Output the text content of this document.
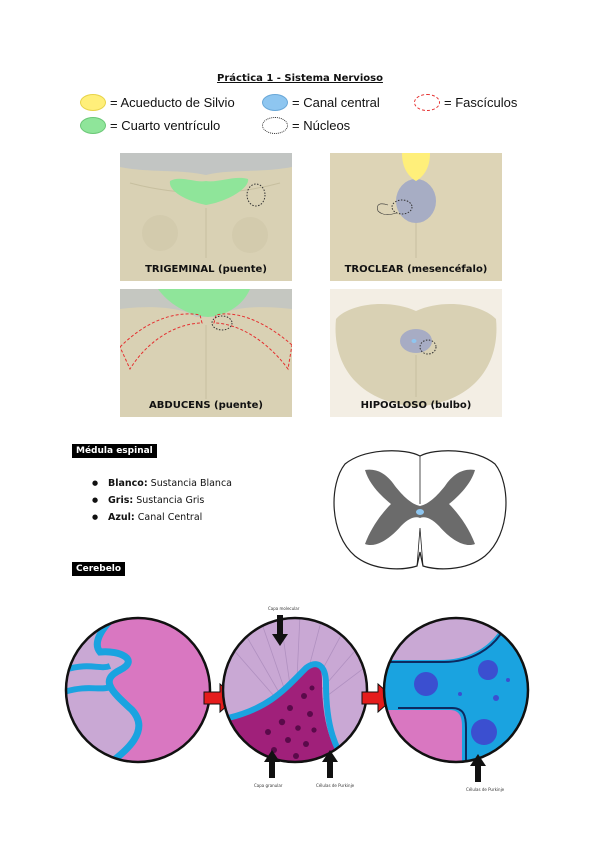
Práctica 1 - Sistema Nervioso
= Acueducto de Silvio	= Canal central	= Fascículos
= Cuarto ventrículo	= Núcleos
TRIGEMINAL (puente)	TROCLEAR (mesencéfalo)
ABDUCENS (puente)	HIPOGLOSO (bulbo)
Médula espinal
● Blanco: Sustancia Blanca
● Gris: Sustancia Gris
● Azul: Canal Central
Cerebelo
Capa molecular
Capa granular	Células de Purkinje
Células de Purkinje
